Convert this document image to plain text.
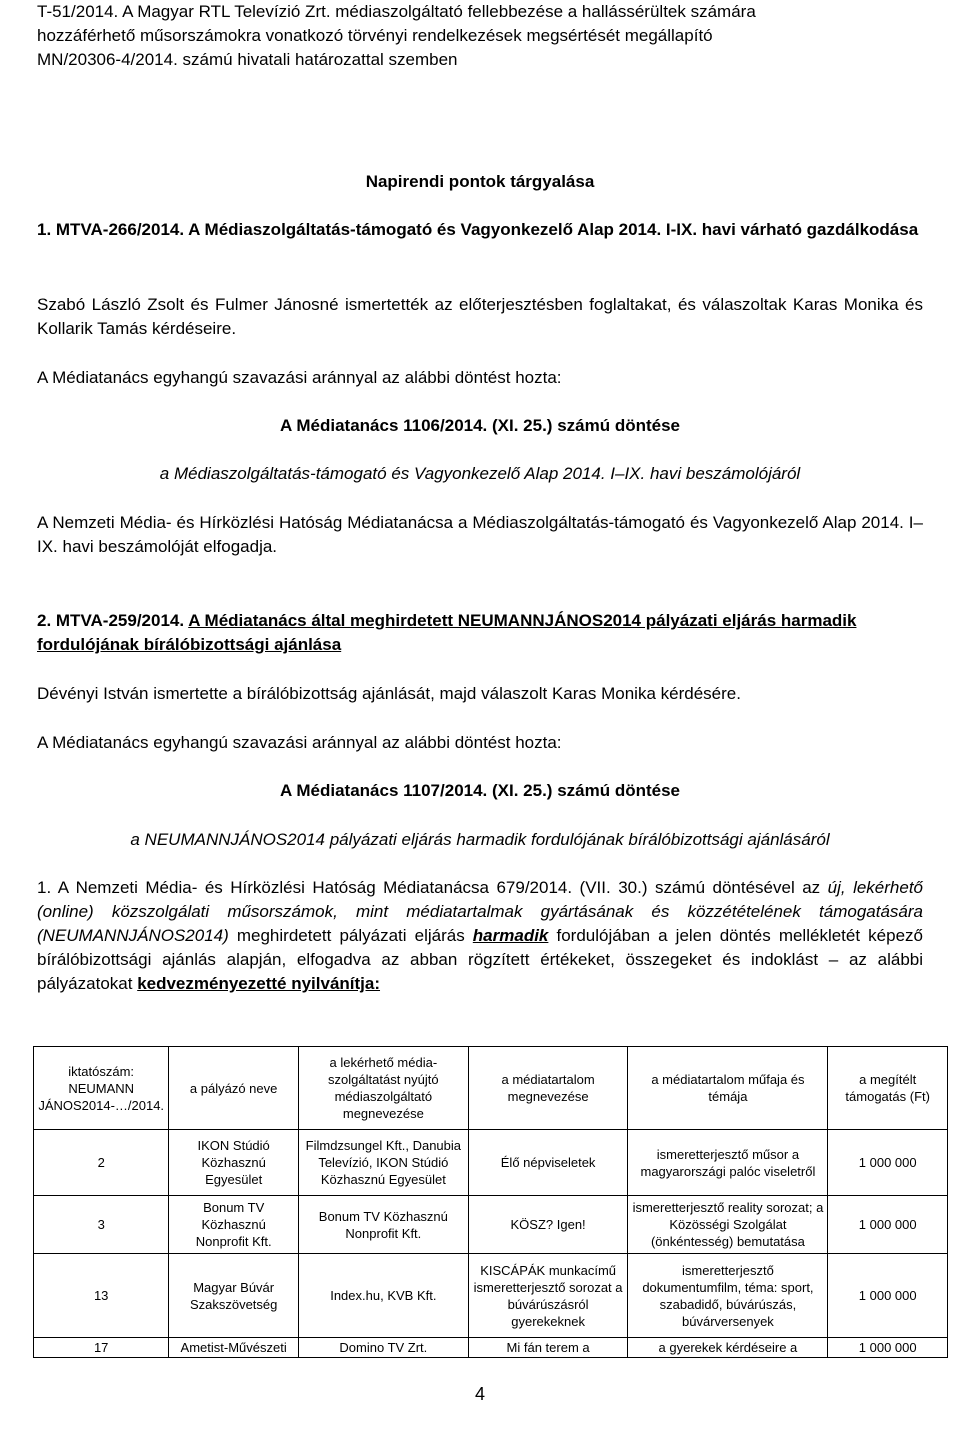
T-51/2014. A Magyar RTL Televízió Zrt. médiaszolgáltató fellebbezése a hallássérültek számára
hozzáférhető műsorszámokra vonatkozó törvényi rendelkezések megsértését megállapító
MN/20306-4/2014. számú hivatali határozattal szemben

Napirendi pontok tárgyalása

1. MTVA-266/2014. A Médiaszolgáltatás-támogató és Vagyonkezelő Alap 2014. I-IX. havi várható gazdálkodása

Szabó László Zsolt és Fulmer Jánosné ismertették az előterjesztésben foglaltakat, és válaszoltak Karas Monika és Kollarik Tamás kérdéseire.

A Médiatanács egyhangú szavazási aránnyal az alábbi döntést hozta:

A Médiatanács 1106/2014. (XI. 25.) számú döntése

a Médiaszolgáltatás-támogató és Vagyonkezelő Alap 2014. I–IX. havi beszámolójáról

A Nemzeti Média- és Hírközlési Hatóság Médiatanácsa a Médiaszolgáltatás-támogató és Vagyonkezelő Alap 2014. I–IX. havi beszámolóját elfogadja.

2. MTVA-259/2014. A Médiatanács által meghirdetett NEUMANNJÁNOS2014 pályázati eljárás harmadik fordulójának bírálóbizottsági ajánlása

Dévényi István ismertette a bírálóbizottság ajánlását, majd válaszolt Karas Monika kérdésére.

A Médiatanács egyhangú szavazási aránnyal az alábbi döntést hozta:

A Médiatanács 1107/2014. (XI. 25.) számú döntése

a NEUMANNJÁNOS2014 pályázati eljárás harmadik fordulójának bírálóbizottsági ajánlásáról

1. A Nemzeti Média- és Hírközlési Hatóság Médiatanácsa 679/2014. (VII. 30.) számú döntésével az új, lekérhető (online) közszolgálati műsorszámok, mint médiatartalmak gyártásának és közzétételének támogatására (NEUMANNJÁNOS2014) meghirdetett pályázati eljárás harmadik fordulójában a jelen döntés mellékletét képező bírálóbizottsági ajánlás alapján, elfogadva az abban rögzített értékeket, összegeket és indoklást – az alábbi pályázatokat kedvezményezetté nyilvánítja:

iktatószám: NEUMANN JÁNOS2014-…/2014.	a pályázó neve	a lekérhető média-szolgáltatást nyújtó médiaszolgáltató megnevezése	a médiatartalom megnevezése	a médiatartalom műfaja és témája	a megítélt támogatás (Ft)
2	IKON Stúdió Közhasznú Egyesület	Filmdzsungel Kft., Danubia Televízió, IKON Stúdió Közhasznú Egyesület	Élő népviseletek	ismeretterjesztő műsor a magyarországi palóc viseletről	1 000 000
3	Bonum TV Közhasznú Nonprofit Kft.	Bonum TV Közhasznú Nonprofit Kft.	KÖSZ? Igen!	ismeretterjesztő reality sorozat; a Közösségi Szolgálat (önkéntesség) bemutatása	1 000 000
13	Magyar Búvár Szakszövetség	Index.hu, KVB Kft.	KISCÁPÁK munkacímű ismeretterjesztő sorozat a búvárúszásról gyerekeknek	ismeretterjesztő dokumentumfilm, téma: sport, szabadidő, búvárúszás, búvárversenyek	1 000 000
17	Ametist-Művészeti	Domino TV Zrt.	Mi fán terem a	a gyerekek kérdéseire a	1 000 000
4
